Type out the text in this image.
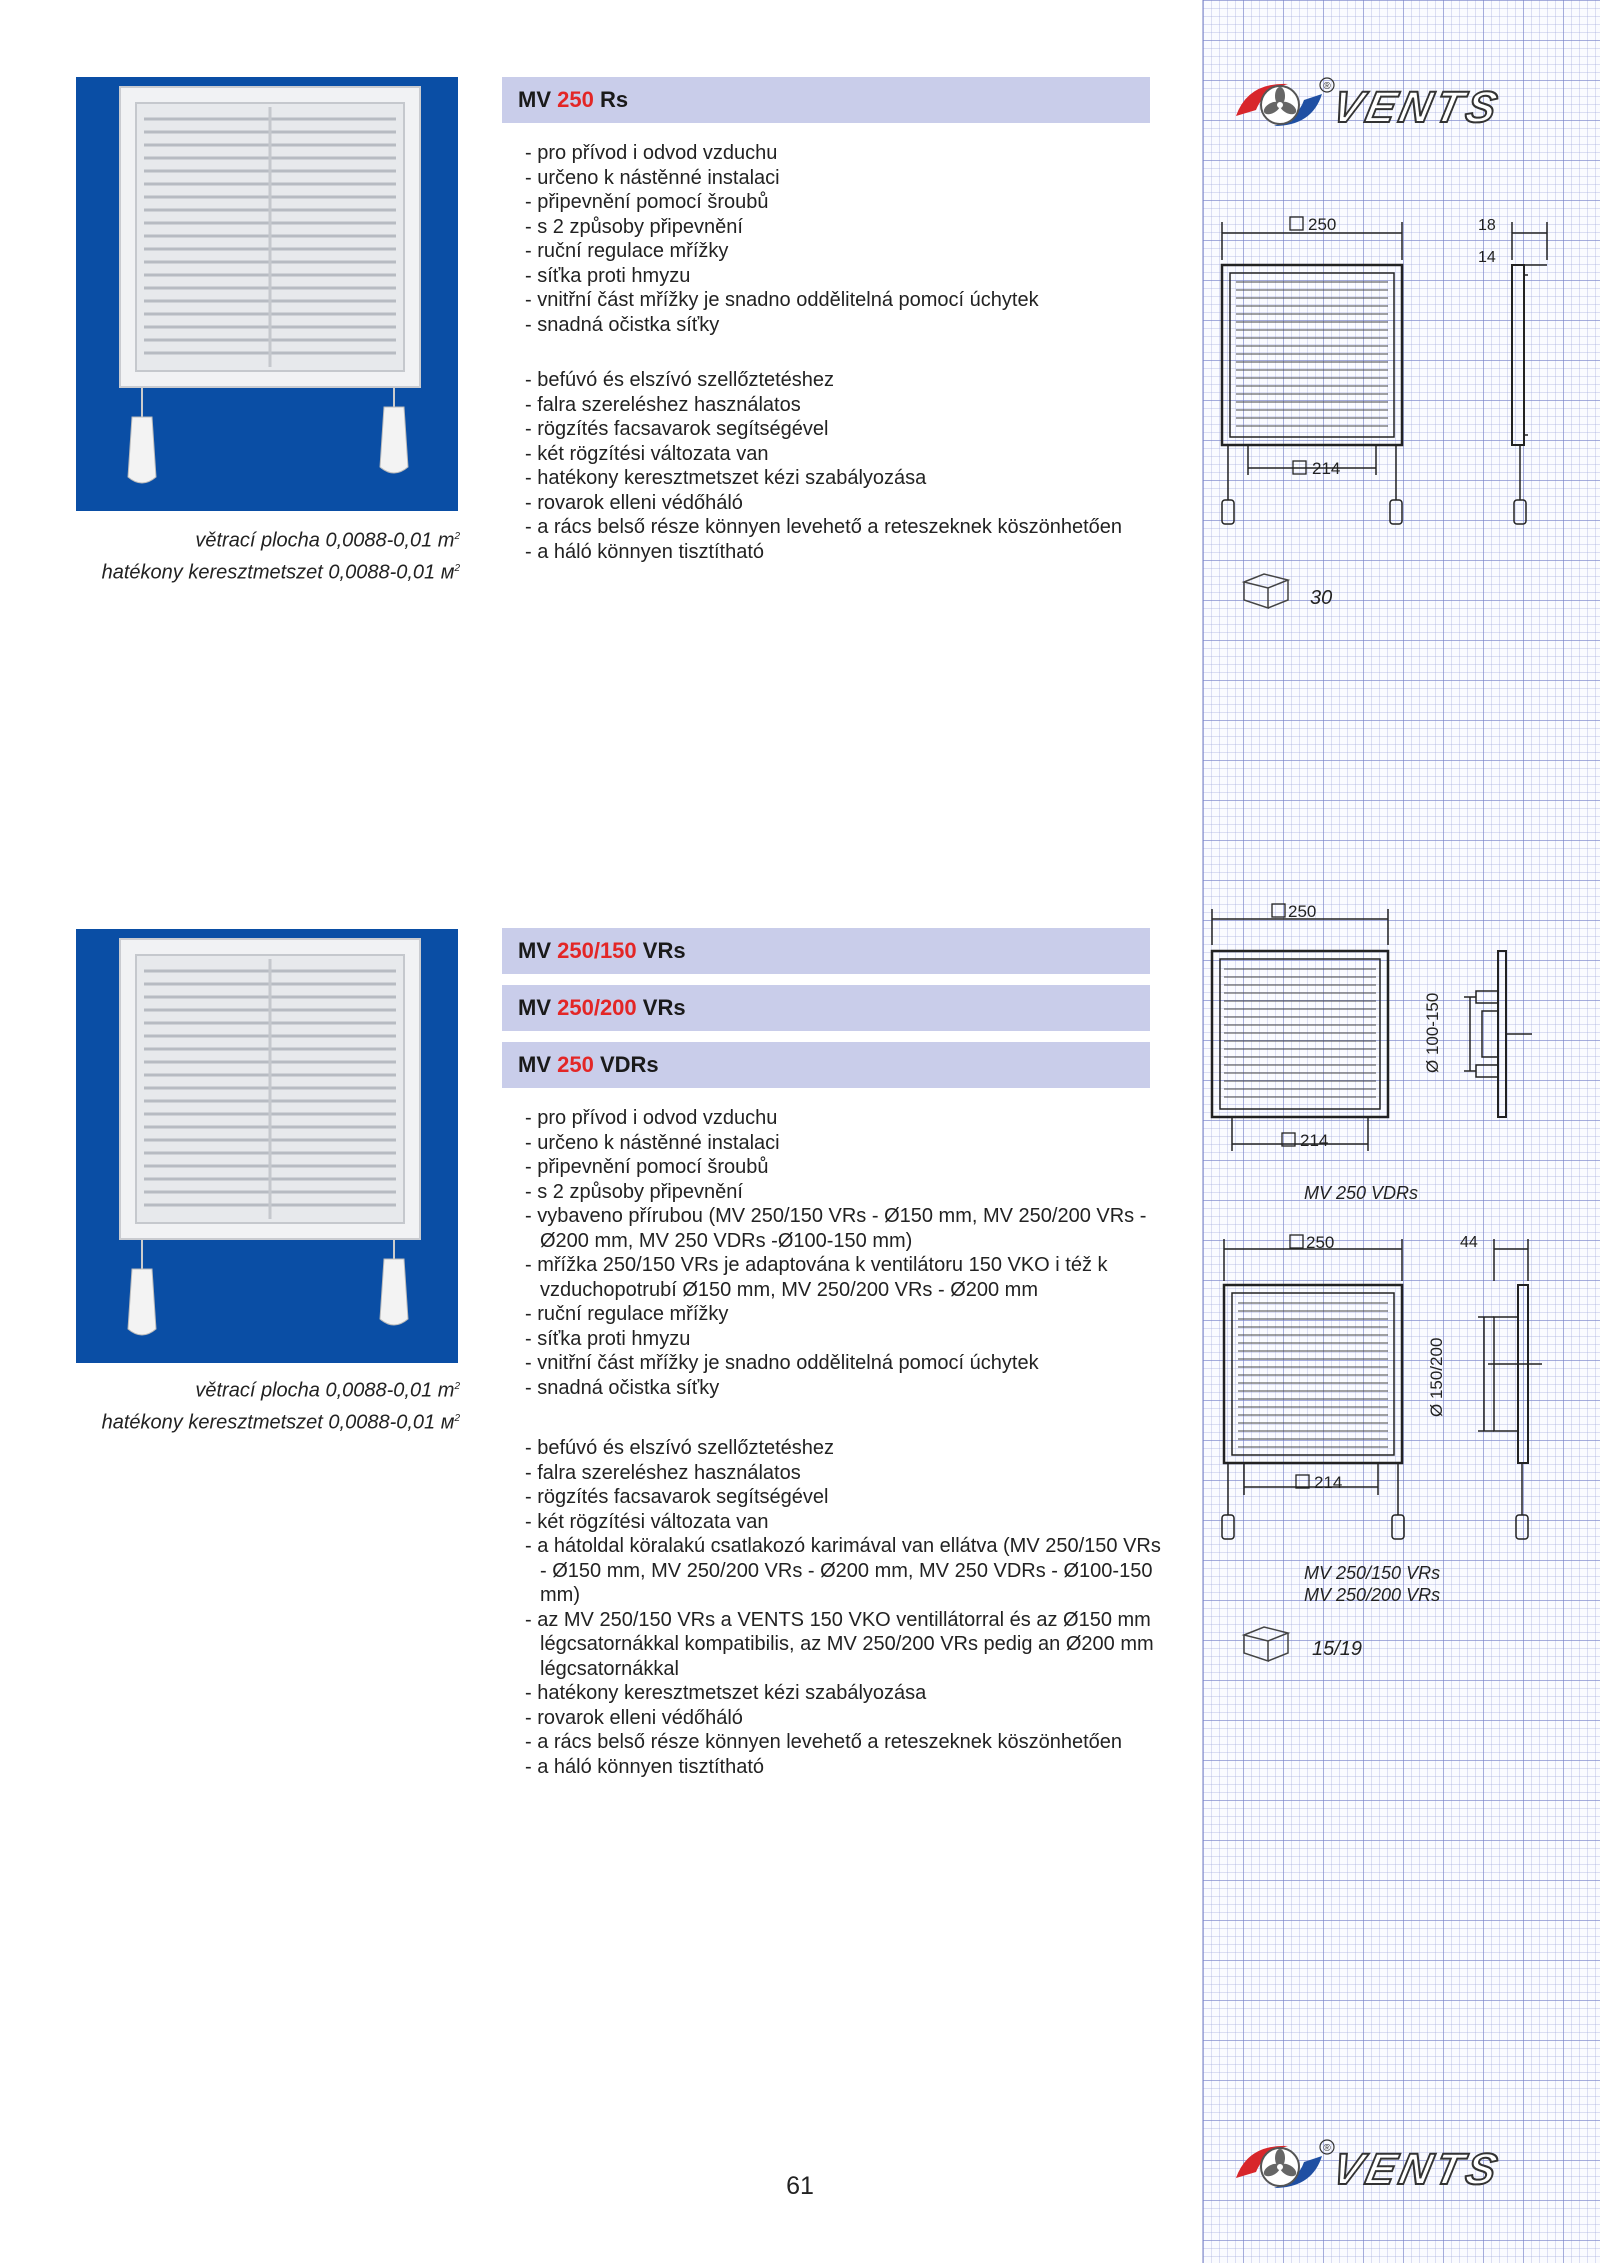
®
VENTS
větrací plocha 0,0088-0,01 $m^2$
hatékony keresztmetszet 0,0088-0,01 $м^2$
MV 250 Rs
- pro přívod i odvod vzduchu
- určeno k nástěnné instalaci
- připevnění pomocí šroubů
- s 2 způsoby připevnění
- ruční regulace mřížky
- síťka proti hmyzu
- vnitřní část mřížky je snadno oddělitelná pomocí úchytek
- snadná očistka síťky
- befúvó és elszívó szellőztetéshez
- falra szereléshez használatos
- rögzítés facsavarok segítségével
- két rögzítési változata van
- hatékony keresztmetszet kézi szabályozása
- rovarok elleni védőháló
- a rács belső része könnyen levehető a reteszeknek köszönhetően
- a háló könnyen tisztítható
250
214
18
14
30
větrací plocha 0,0088-0,01 $m^2$
hatékony keresztmetszet 0,0088-0,01 $м^2$
MV 250/150 VRs
MV 250/200 VRs
MV 250 VDRs
- pro přívod i odvod vzduchu
- určeno k nástěnné instalaci
- připevnění pomocí šroubů
- s 2 způsoby připevnění
- vybaveno přírubou (MV 250/150 VRs - Ø150 mm, MV 250/200 VRs - Ø200 mm, MV 250 VDRs -Ø100-150 mm)
- mřížka 250/150 VRs je adaptována k ventilátoru 150 VKO i též k vzduchopotrubí Ø150 mm, MV 250/200 VRs - Ø200 mm
- ruční regulace mřížky
- síťka proti hmyzu
- vnitřní část mřížky je snadno oddělitelná pomocí úchytek
- snadná očistka síťky
- befúvó és elszívó szellőztetéshez
- falra szereléshez használatos
- rögzítés facsavarok segítségével
- két rögzítési változata van
- a hátoldal köralakú csatlakozó karimával van ellátva (MV 250/150 VRs - Ø150 mm, MV 250/200 VRs - Ø200 mm, MV 250 VDRs - Ø100-150 mm)
- az MV 250/150 VRs a VENTS 150 VKO ventillátorral és az Ø150 mm légcsatornákkal kompatibilis, az MV 250/200 VRs pedig an Ø200 mm légcsatornákkal
- hatékony keresztmetszet kézi szabályozása
- rovarok elleni védőháló
- a rács belső része könnyen levehető a reteszeknek köszönhetően
- a háló könnyen tisztítható
250
214
Ø 100-150
MV 250 VDRs
250
214
44
Ø 150/200
MV 250/150 VRs
MV 250/200 VRs
15/19
®
VENTS
61
